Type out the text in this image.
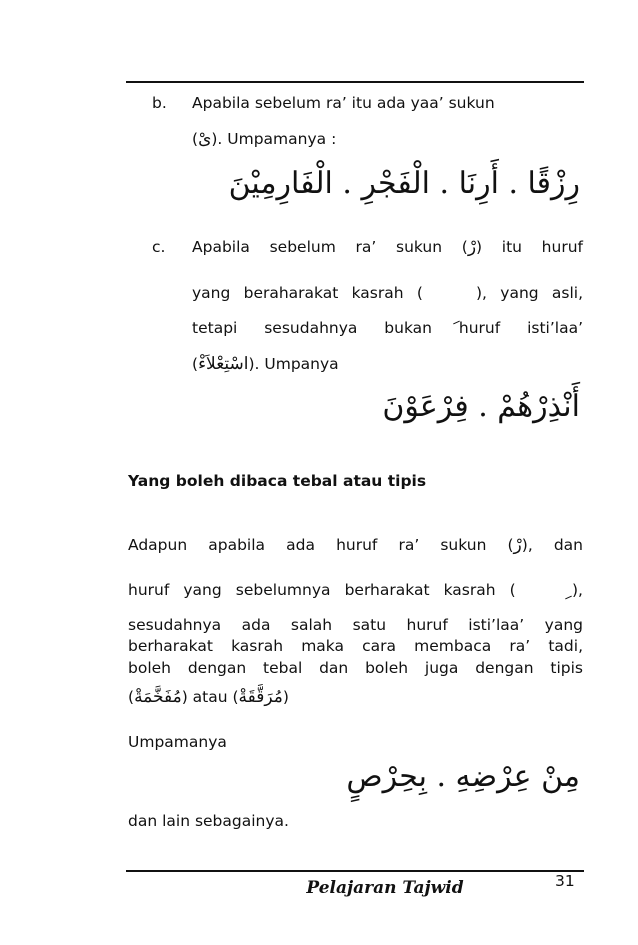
b. Apabila sebelum ra’ itu ada yaa’ sukun
(ىْ). Umpamanya :
رِزْقًا . أَرِنَا . الْفَجْرِ . الْفَارِمِيْنَ
c. Apabila sebelum ra’ sukun (رْ) itu huruf
yang beraharakat kasrah (    ), yang asli,
tetapi sesudahnya bukan huruf isti’laa’
(اسْتِعْلاَءْ). Umpanya
أَنْذِرْهُمْ . فِرْعَوْنَ
Yang boleh dibaca tebal atau tipis
Adapun apabila ada huruf ra’ sukun (رْ), dan
huruf yang sebelumnya berharakat kasrah (    ),
sesudahnya ada salah satu huruf isti’laa’ yang
berharakat kasrah maka cara membaca ra’ tadi,
boleh dengan tebal dan boleh juga dengan tipis
(مُفَخَّمَةْ) atau (مُرَقَّقَةْ)
Umpamanya
مِنْ عِرْضِهِ . بِحِرْصٍ
dan lain sebagainya.
Pelajaran Tajwid	31
